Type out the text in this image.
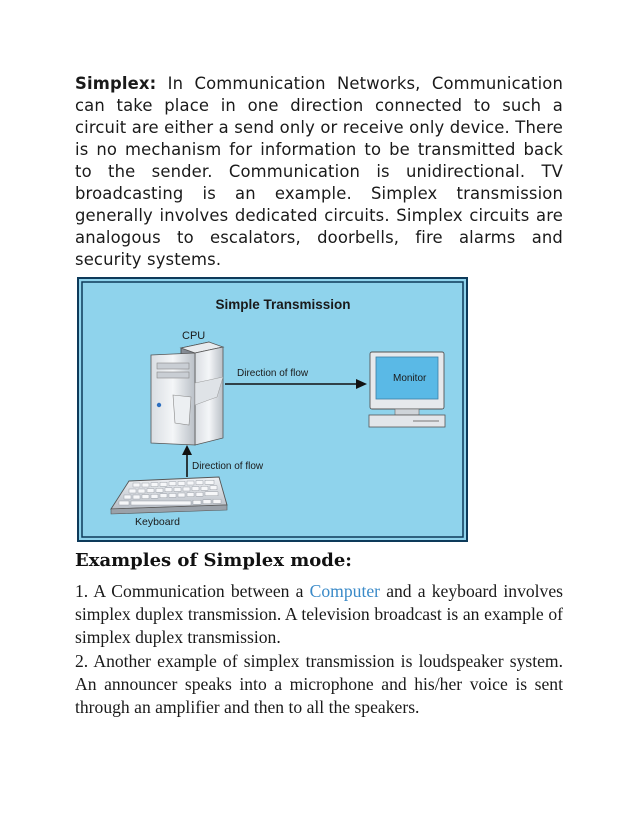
Simplex: In Communication Networks, Communication can take place in one direction connected to such a circuit are either a send only or receive only device. There is no mechanism for information to be transmitted back to the sender. Communication is unidirectional. TV broadcasting is an example. Simplex transmission generally involves dedicated circuits. Simplex circuits are analogous to escalators, doorbells, fire alarms and security systems.

Simple Transmission
CPU
Direction of flow	Monitor
Direction of flow
Keyboard
Examples of Simplex mode:

1. A Communication between a Computer and a keyboard involves simplex duplex transmission. A television broadcast is an example of simplex duplex transmission.

2. Another example of simplex transmission is loudspeaker system. An announcer speaks into a microphone and his/her voice is sent through an amplifier and then to all the speakers.
